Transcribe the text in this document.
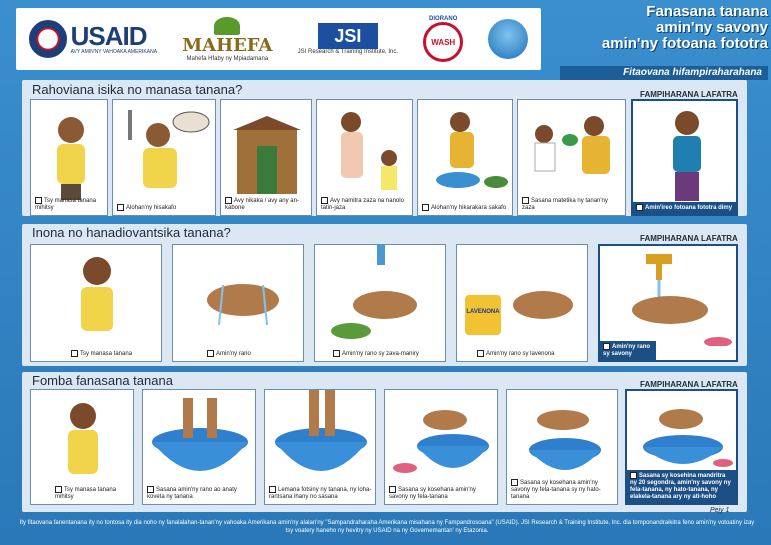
USAID
AVY AMIN'NY VAHOAKA AMERIKANA MAHEFA
Mahefa Hfaby ny Mpiadamana
JSI
JSI Research & Training Institute, Inc.
DIORANO
WASH
Fanasana tanana
amin'ny savony
amin'ny fotoana fototra
Fitaovana hifampiraharahana
Rahoviana isika no manasa tanana?	FAMPIHARANA LAFATRA
Tsy manasa tanana mihitsy	Alohan'ny hisakafo
Avy nikaka / avy any an-kabone
Avy namitra zaza na nanolo tatin-jaza	Alohan'ny hikarakara sakafo
Sasana matetika ny tanan'ny zaza	Amin'ireo fotoana fototra dimy
Inona no hanadiovantsika tanana?	FAMPIHARANA LAFATRA
Tsy manasa tanana	Amin'ny rano	Amin'ny rano sy zava-maniry
LAVENONA
Amin'ny rano sy lavenona
Amin'ny rano sy savony
Fomba fanasana tanana	FAMPIHARANA LAFATRA
Tsy manasa tanana mihitsy
Sasana amin'ny rano ao anaty koveta ny tanana
Lemana fotsiny ny tanana, ny loha-rantsana ihany no sasana
Sasana sy kosehana amin'ny savony ny fela-tanana
Sasana sy kosehana amin'ny savony ny fela-tanana sy ny hato-tanana
Sasana sy kosehina mandritra ny 20 segondra, amin'ny savony ny fela-tanana, ny hato-tanana, ny elakela-tanana ary ny ati-hoho
Pejy 1
Ity fitaovana fanentanana ity no tontosa ity dia noho ny fanalalahan-tanan'ny vahoaka Amerikana amin'ny alalan'ny "Sampandraharaha Amerikana misahana ny Fampandrosoana" (USAID). JSI Research & Training Institute, Inc. dia tomponandraikitra feno amin'ny votoatiny izay tsy voatery haneho ny hevitry ny USAID na ny Governemantan' ny Etazonia.
